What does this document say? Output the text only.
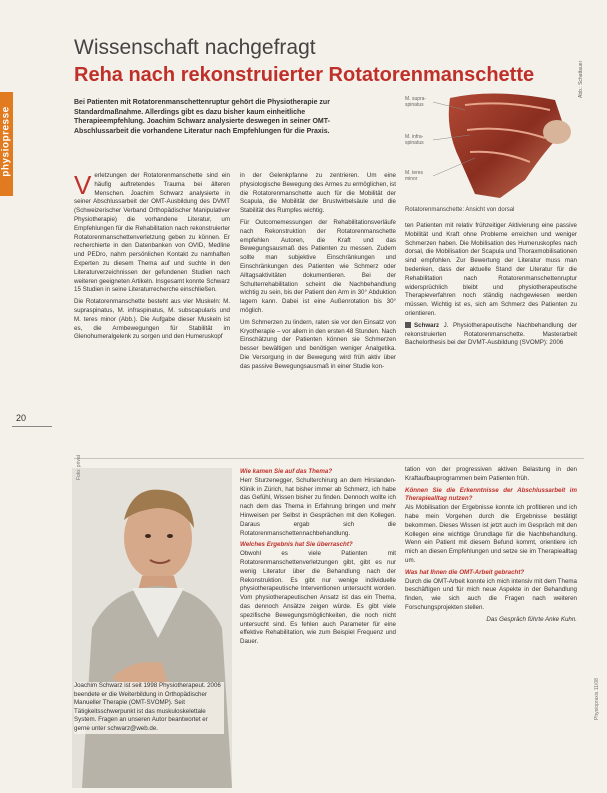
physiopresse
20
Wissenschaft nachgefragt
Reha nach rekonstruierter Rotatorenmanschette
Bei Patienten mit Rotatorenmanschettenruptur gehört die Physiotherapie zur Standardmaßnahme. Allerdings gibt es dazu bisher kaum einheitliche Therapieempfehlung. Joachim Schwarz analysierte deswegen in seiner OMT-Abschlussarbeit die vorhandene Literatur nach Empfehlungen für die Praxis.
M. supra-spinatus
M. infra-spinatus
M. teres minor
Rotatorenmanschette: Ansicht von dorsal
Abb.: Schattauer

Verletzungen der Rotatorenmanschette sind ein häufig auftretendes Trauma bei älteren Menschen. Joachim Schwarz analysierte in seiner Abschlussarbeit der OMT-Ausbildung des DVMT (Schweizerischer Verband Orthopädischer Manipulativer Physiotherapie) die vorhandene Literatur, um Empfehlungen für die Rehabilitation nach rekonstruierter Rotatorenmanschettenverletzung geben zu können. Er recherchierte in den Datenbanken von OVID, Medline und PEDro, nahm persönlichen Kontakt zu namhaften Experten zu diesem Thema auf und suchte in den Literaturverzeichnissen der gefundenen Studien nach weiteren geeigneten Artikeln. Insgesamt konnte Schwarz 15 Studien in seine Literaturrecherche einschließen.

Die Rotatorenmanschette besteht aus vier Muskeln: M. supraspinatus, M. infraspinatus, M. subscapularis und M. teres minor (Abb.). Die Aufgabe dieser Muskeln ist es, die Armbewegungen für Stabilität im Glenohumeralgelenk zu sorgen und den Humeruskopf

in der Gelenkpfanne zu zentrieren. Um eine physiologische Bewegung des Armes zu ermöglichen, ist die Rotatorenmanschette auch für die Mobilität der Scapula, die Mobilität der Brustwirbelsäule und die Stabilität des Rumpfes wichtig.

Für Outcomemessungen der Rehabilitationsverläufe nach Rekonstruktion der Rotatorenmanschette empfehlen Autoren, die Kraft und das Bewegungsausmaß des Patienten zu messen. Zudem sollte man subjektive Einschränkungen und Einschränkungen des Patienten wie Schmerz oder Alltagsaktivitäten dokumentieren. Bei der Schulterrehabilitation scheint die Nachbehandlung wichtig zu sein, bis der Patient den Arm in 30° Abduktion lagern kann. Dabei ist eine Außenrotation bis 30° möglich.

Um Schmerzen zu lindern, raten sie vor den Einsatz von Kryotherapie – vor allem in den ersten 48 Stunden. Nach Einschätzung der Patienten können sie Schmerzen besser bewältigen und benötigen weniger Analgetika. Die Versorgung in der Bewegung wird früh aktiv über das passive Bewegungsausmaß in einer Studie kon-

ten Patienten mit relativ frühzeitiger Aktivierung eine passive Mobilität und Kraft ohne Probleme erreichen und weniger Schmerzen haben. Die Mobilisation des Humeruskopfes nach dorsal, die Mobilisation der Scapula und Thoraxmobilisationen sind empfohlen. Zur Bewertung der Literatur muss man bedenken, dass der aktuelle Stand der Literatur für die Rehabilitation nach Rotatorenmanschettenruptur widersprüchlich bleibt und physiotherapeutische Therapieverfahren noch ständig nachgewiesen werden müssen. Wichtig ist es, sich am Schmerz des Patienten zu orientieren.

Schwarz J. Physiotherapeutische Nachbehandlung der rekonstruierten Rotatorenmanschette. Masterarbeit Bachelorthesis bei der DVMT-Ausbildung (SVOMP): 2006

Foto: privat
Joachim Schwarz ist seit 1998 Physiotherapeut. 2006 beendete er die Weiterbildung in Orthopädischer Manueller Therapie (OMT-SVOMP). Seit Tätigkeitsschwerpunkt ist das muskuloskelettale System. Fragen an unseren Autor beantwortet er gerne unter schwarz@web.de.
Wie kamen Sie auf das Thema?

Herr Sturzenegger, Schulterchirurg an dem Hirslanden-Klinik in Zürich, hat bisher immer ab Schmerz, ich habe das Gefühl, Wissen bisher zu finden. Dennoch wollte ich nach dem das Thema in Erfahrung bringen und mehr Hinweisen per Selbst in Gesprächen mit den Kollegen. Daraus ergab sich die Rotatorenmanschettennachbehandlung.

Welches Ergebnis hat Sie überrascht?

Obwohl es viele Patienten mit Rotatorenmanschettenverletzungen gibt, gibt es nur wenig Literatur über die Behandlung nach der Rekonstruktion. Es gibt nur wenige individuelle physiotherapeutische Interventionen untersucht worden. Vom physiotherapeutischen Ansatz ist das ein Thema, das dennoch Ansätze zeigen würde. Es gibt viele spezifische Bewegungsmöglichkeiten, die noch nicht untersucht sind. Es fehlen auch Parameter für eine effektive Rehabilitation, wie zum Beispiel Frequenz und Dauer.

tation von der progressiven aktiven Belastung in den Kraftaufbauprogrammen beim Patienten früh.

Können Sie die Erkenntnisse der Abschlussarbeit im Therapiealltag nutzen?

Als Mobilisation der Ergebnisse konnte ich profitieren und ich habe mein Vorgehen durch die Ergebnisse bestätigt bekommen. Dieses Wissen ist jetzt auch im Gespräch mit den Kollegen eine wichtige Grundlage für die Nachbehandlung. Wenn ein Patient mit diesem Befund kommt, orientiere ich mich an diesen Empfehlungen und setze sie im Therapiealltag um.

Was hat Ihnen die OMT-Arbeit gebracht?

Durch die OMT-Arbeit konnte ich mich intensiv mit dem Thema beschäftigen und für mich neue Aspekte in der Behandlung finden, wie sich auch die Fragen nach weiteren Forschungsprojekten stellen.

Das Gespräch führte Anke Kuhn.

Physiopraxis 11/08
